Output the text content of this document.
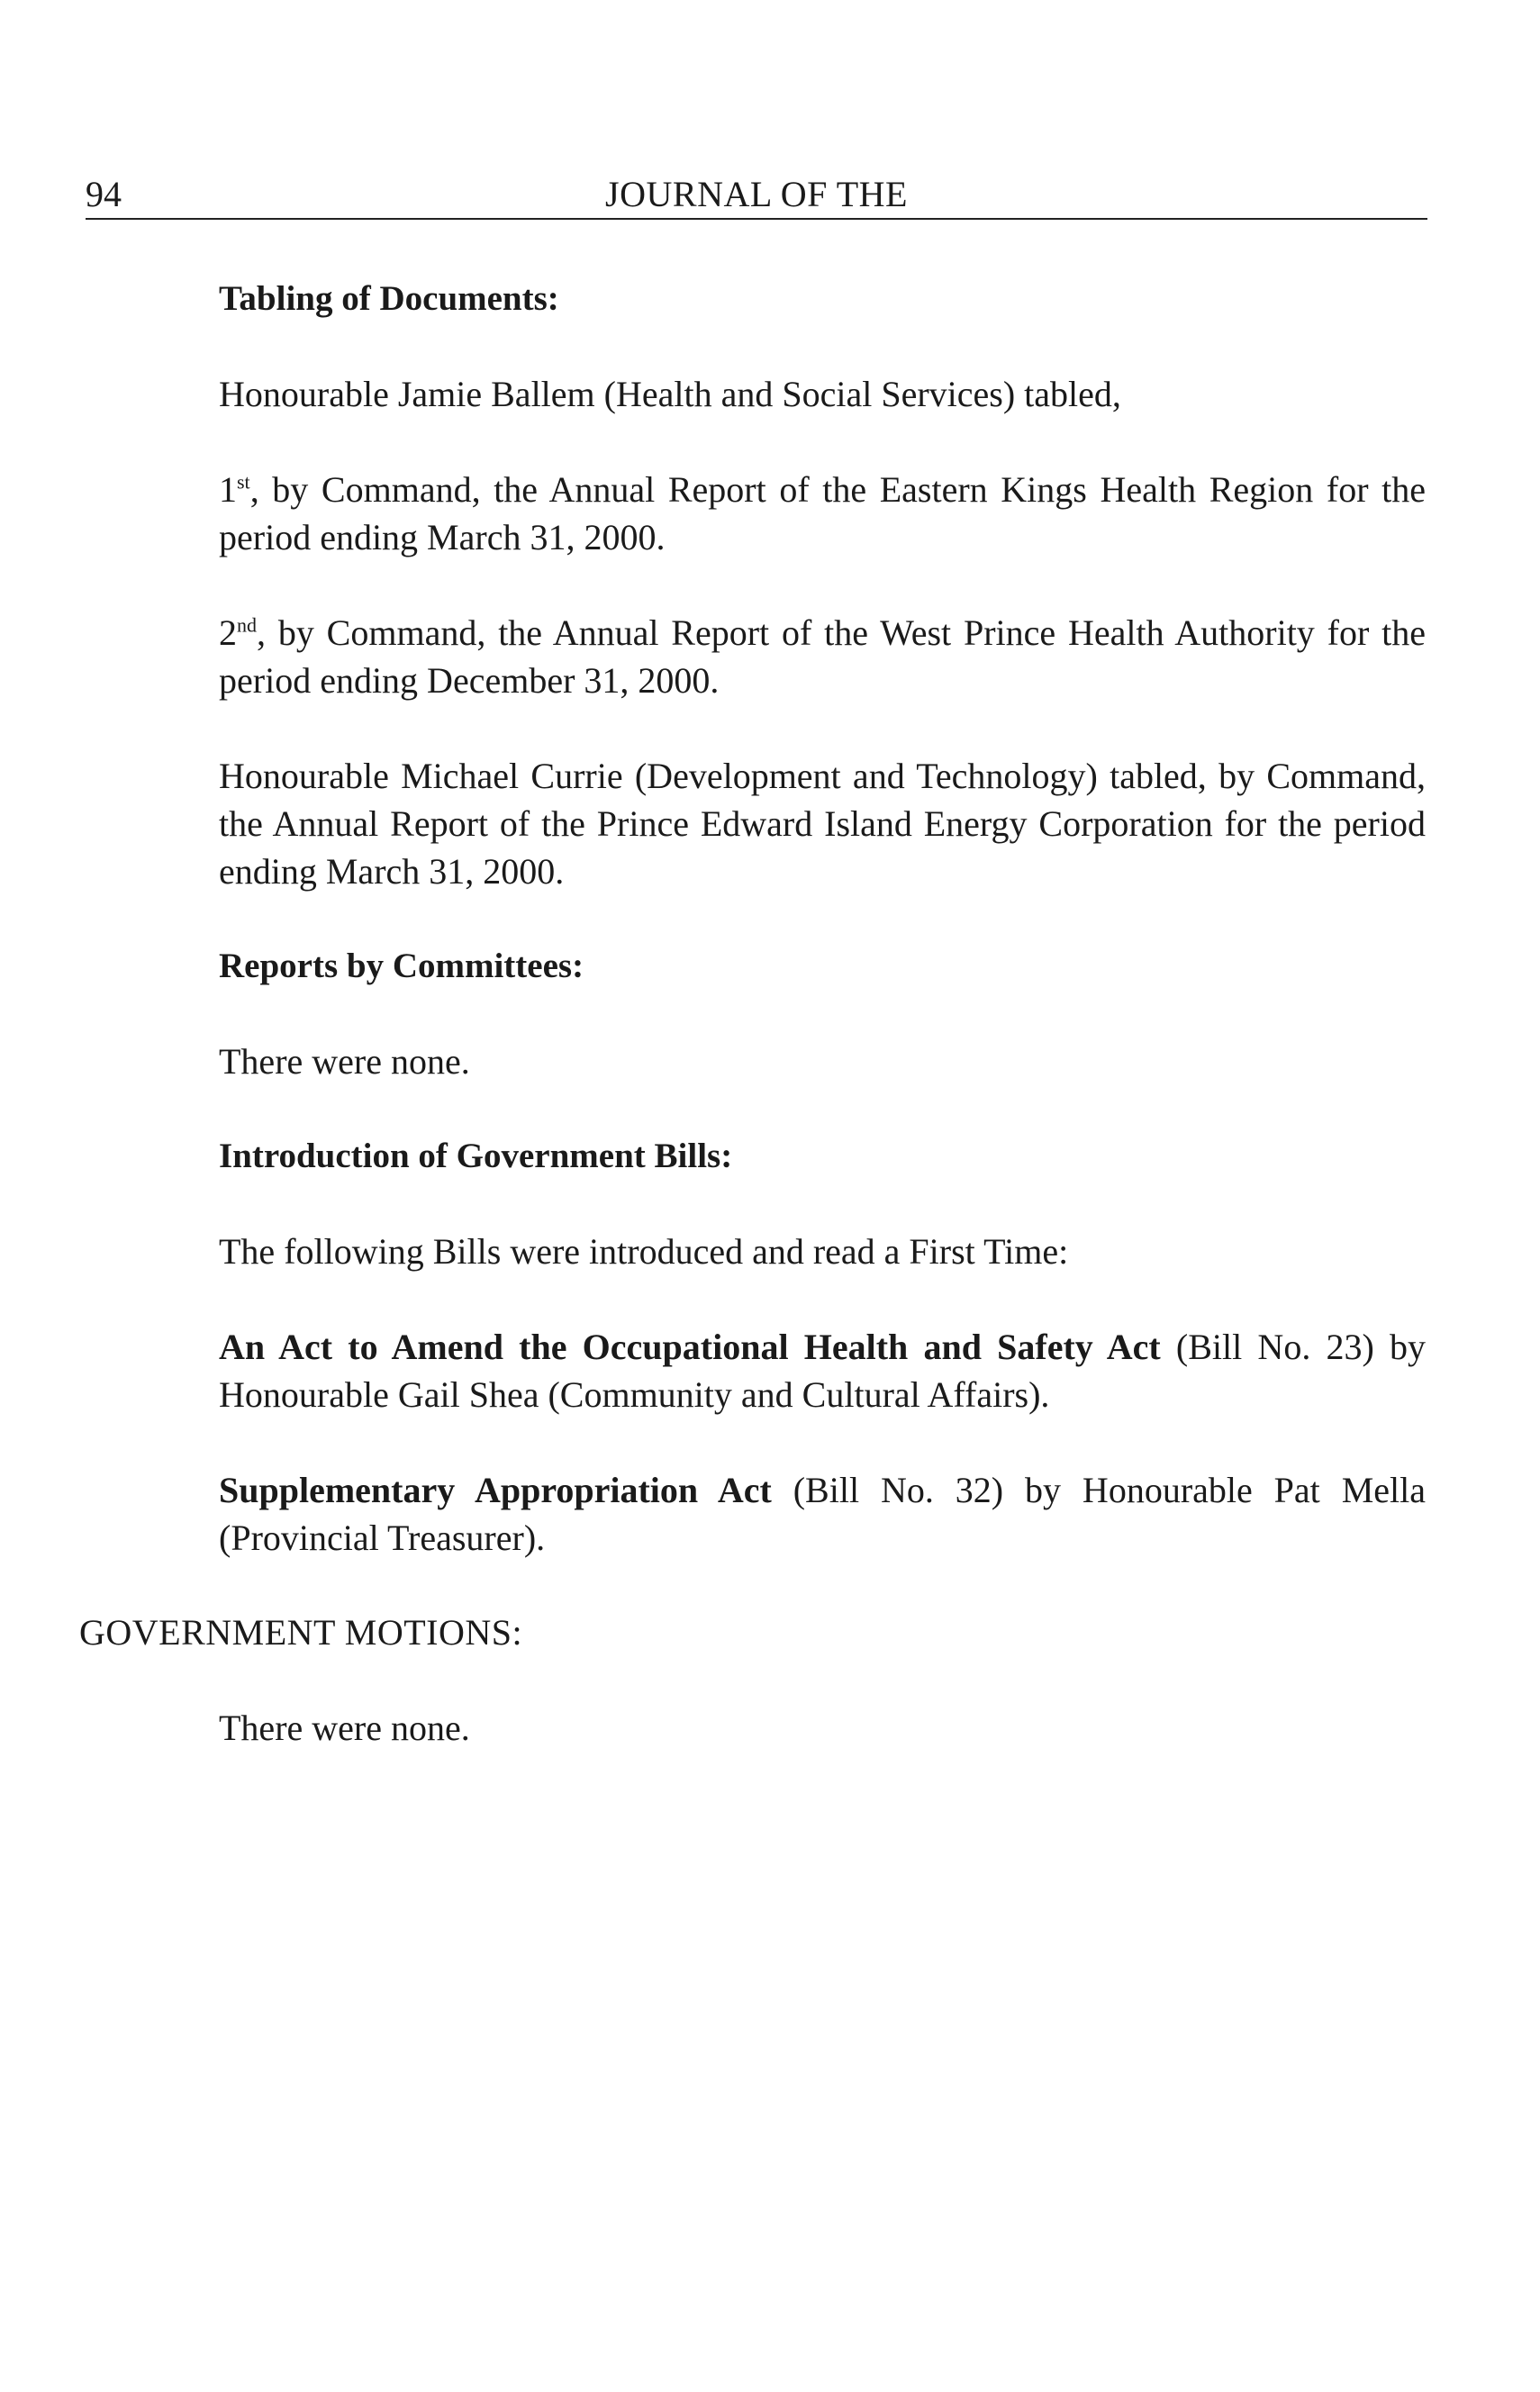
94	JOURNAL OF THE

Tabling of Documents:

Honourable Jamie Ballem (Health and Social Services) tabled,

1st, by Command, the Annual Report of the Eastern Kings Health Region for the period ending March 31, 2000.

2nd, by Command, the Annual Report of the West Prince Health Authority for the period ending December 31, 2000.

Honourable Michael Currie (Development and Technology) tabled, by Command, the Annual Report of the Prince Edward Island Energy Corporation for the period ending March 31, 2000.

Reports by Committees:

There were none.

Introduction of Government Bills:

The following Bills were introduced and read a First Time:

An Act to Amend the Occupational Health and Safety Act (Bill No. 23) by Honourable Gail Shea (Community and Cultural Affairs).

Supplementary Appropriation Act (Bill No. 32) by Honourable Pat Mella (Provincial Treasurer).

GOVERNMENT MOTIONS:

There were none.
